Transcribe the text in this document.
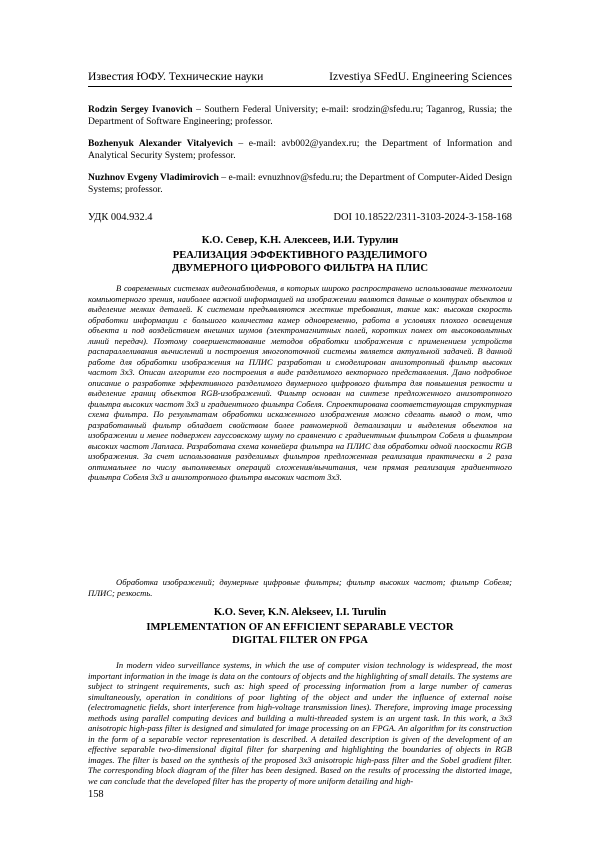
Известия ЮФУ. Технические науки	Izvestiya SFedU. Engineering Sciences

Rodzin Sergey Ivanovich – Southern Federal University; e-mail: srodzin@sfedu.ru; Taganrog, Russia; the Department of Software Engineering; professor.

Bozhenyuk Alexander Vitalyevich – e-mail: avb002@yandex.ru; the Department of Information and Analytical Security System; professor.

Nuzhnov Evgeny Vladimirovich – e-mail: evnuzhnov@sfedu.ru; the Department of Computer-Aided Design Systems; professor.

УДК 004.932.4	DOI 10.18522/2311-3103-2024-3-158-168
К.О. Север, К.Н. Алексеев, И.И. Турулин
РЕАЛИЗАЦИЯ ЭФФЕКТИВНОГО РАЗДЕЛИМОГО ДВУМЕРНОГО ЦИФРОВОГО ФИЛЬТРА НА ПЛИС

В современных системах видеонаблюдения, в которых широко распространено использование технологии компьютерного зрения, наиболее важной информацией на изображении являются данные о контурах объектов и выделение мелких деталей. К системам предъявляются жесткие требования, такие как: высокая скорость обработки информации с большого количества камер одновременно, работа в условиях плохого освещения объекта и под воздействием внешних шумов (электромагнитных полей, коротких помех от высоковольтных линий передач). Поэтому совершенствование методов обработки изображения с применением устройств распараллеливания вычислений и построения многопоточной системы является актуальной задачей. В данной работе для обработки изображения на ПЛИС разработан и смоделирован анизотропный фильтр высоких частот 3x3. Описан алгоритм его построения в виде разделимого векторного представления. Дано подробное описание о разработке эффективного разделимого двумерного цифрового фильтра для повышения резкости и выделение границ объектов RGB-изображений. Фильтр основан на синтезе предложенного анизотропного фильтра высоких частот 3x3 и градиентного фильтра Собеля. Спроектирована соответствующая структурная схема фильтра. По результатам обработки искаженного изображения можно сделать вывод о том, что разработанный фильтр обладает свойством более равномерной детализации и выделения объектов на изображении и менее подвержен гауссовскому шуму по сравнению с градиентным фильтром Собеля и фильтром высоких частот Лапласа. Разработана схема конвейера фильтра на ПЛИС для обработки одной плоскости RGB изображения. За счет использования разделимых фильтров предложенная реализация практически в 2 раза оптимальнее по числу выполняемых операций сложения/вычитания, чем прямая реализация градиентного фильтра Собеля 3x3 и анизотропного фильтра высоких частот 3x3.

Обработка изображений; двумерные цифровые фильтры; фильтр высоких частот; фильтр Собеля; ПЛИС; резкость.

K.O. Sever, K.N. Alekseev, I.I. Turulin
IMPLEMENTATION OF AN EFFICIENT SEPARABLE VECTOR DIGITAL FILTER ON FPGA

In modern video surveillance systems, in which the use of computer vision technology is widespread, the most important information in the image is data on the contours of objects and the highlighting of small details. The systems are subject to stringent requirements, such as: high speed of processing information from a large number of cameras simultaneously, operation in conditions of poor lighting of the object and under the influence of external noise (electromagnetic fields, short interference from high-voltage transmission lines). Therefore, improving image processing methods using parallel computing devices and building a multi-threaded system is an urgent task. In this work, a 3x3 anisotropic high-pass filter is designed and simulated for image processing on an FPGA. An algorithm for its construction in the form of a separable vector representation is described. A detailed description is given of the development of an effective separable two-dimensional digital filter for sharpening and highlighting the boundaries of objects in RGB images. The filter is based on the synthesis of the proposed 3x3 anisotropic high-pass filter and the Sobel gradient filter. The corresponding block diagram of the filter has been designed. Based on the results of processing the distorted image, we can conclude that the developed filter has the property of more uniform detailing and high-

158
